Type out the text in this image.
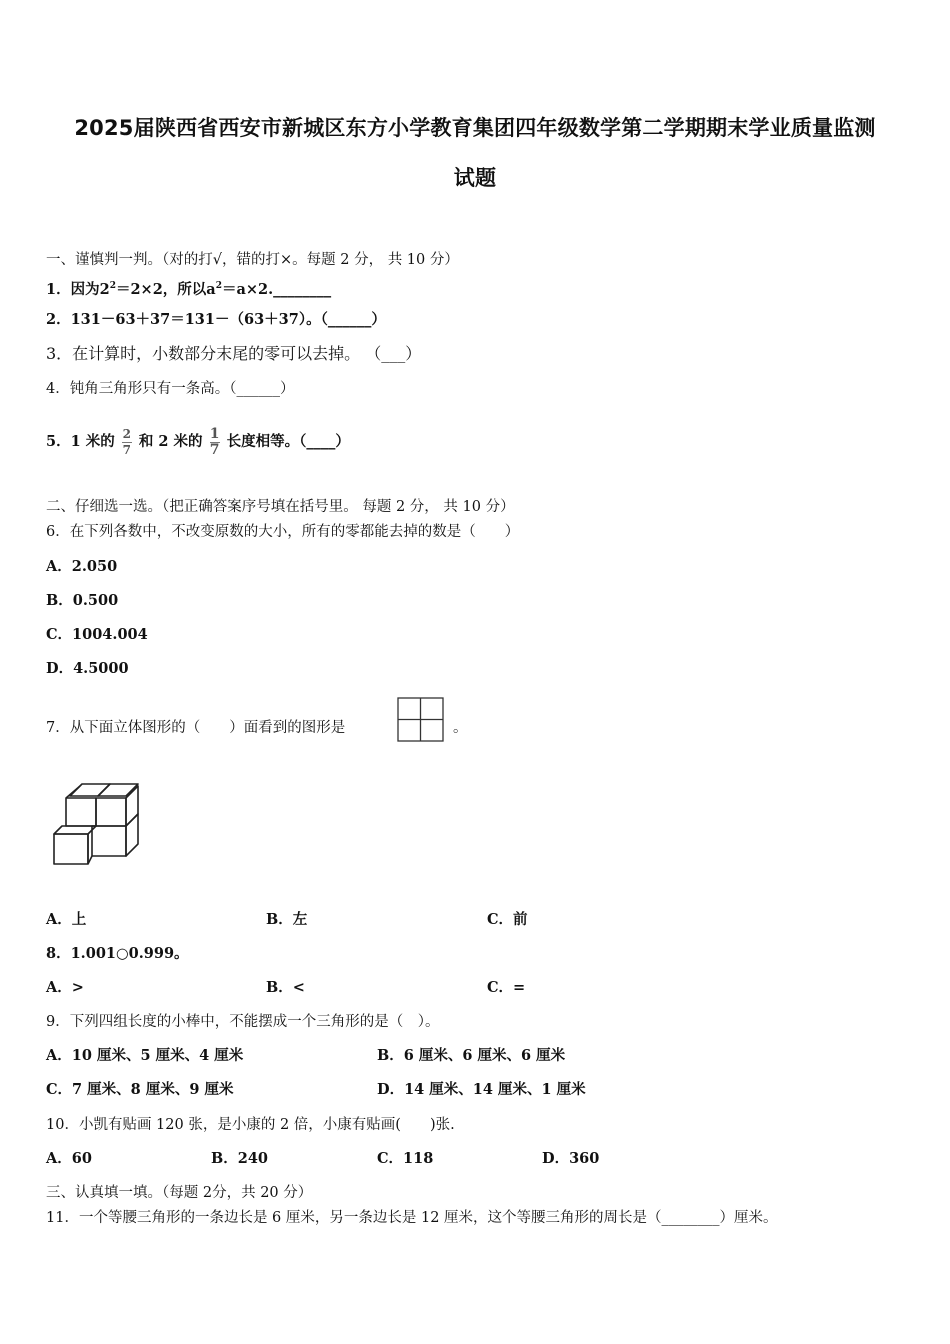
2025届陕西省西安市新城区东方小学教育集团四年级数学第二学期期末学业质量监测
试题
一、谨慎判一判。（对的打√，错的打×。每题 2 分， 共 10 分）
1．因为$2^2=2\times 2$，所以$a^2=a\times 2.\_\_\_\_\_\_\_\_$
2．131－63＋37＝131－（63＋37）。（______）
3．在计算时，小数部分末尾的零可以去掉。 （___）
4．钝角三角形只有一条高。（______）
5．1 米的 $\frac{2}{7}$ 和 2 米的 $\frac{1}{7}$ 长度相等。（____）
二、仔细选一选。（把正确答案序号填在括号里。 每题 2 分， 共 10 分）
6．在下列各数中，不改变原数的大小，所有的零都能去掉的数是（　　）
A．2.050
B．0.500
C．1004.004
D．4.5000
7．从下面立体图形的（　　）面看到的图形是	。
A．上	B．左	C．前
8．1.001○0.999。
A．>	B．<	C．=
9．下列四组长度的小棒中，不能摆成一个三角形的是（　）。
A．10 厘米、5 厘米、4 厘米	B．6 厘米、6 厘米、6 厘米
C．7 厘米、8 厘米、9 厘米	D．14 厘米、14 厘米、1 厘米
10．小凯有贴画 120 张，是小康的 2 倍，小康有贴画(　　)张.
A．60	B．240	C．118	D．360
三、认真填一填。（每题 2分，共 20 分）
11．一个等腰三角形的一条边长是 6 厘米，另一条边长是 12 厘米，这个等腰三角形的周长是（________）厘米。
